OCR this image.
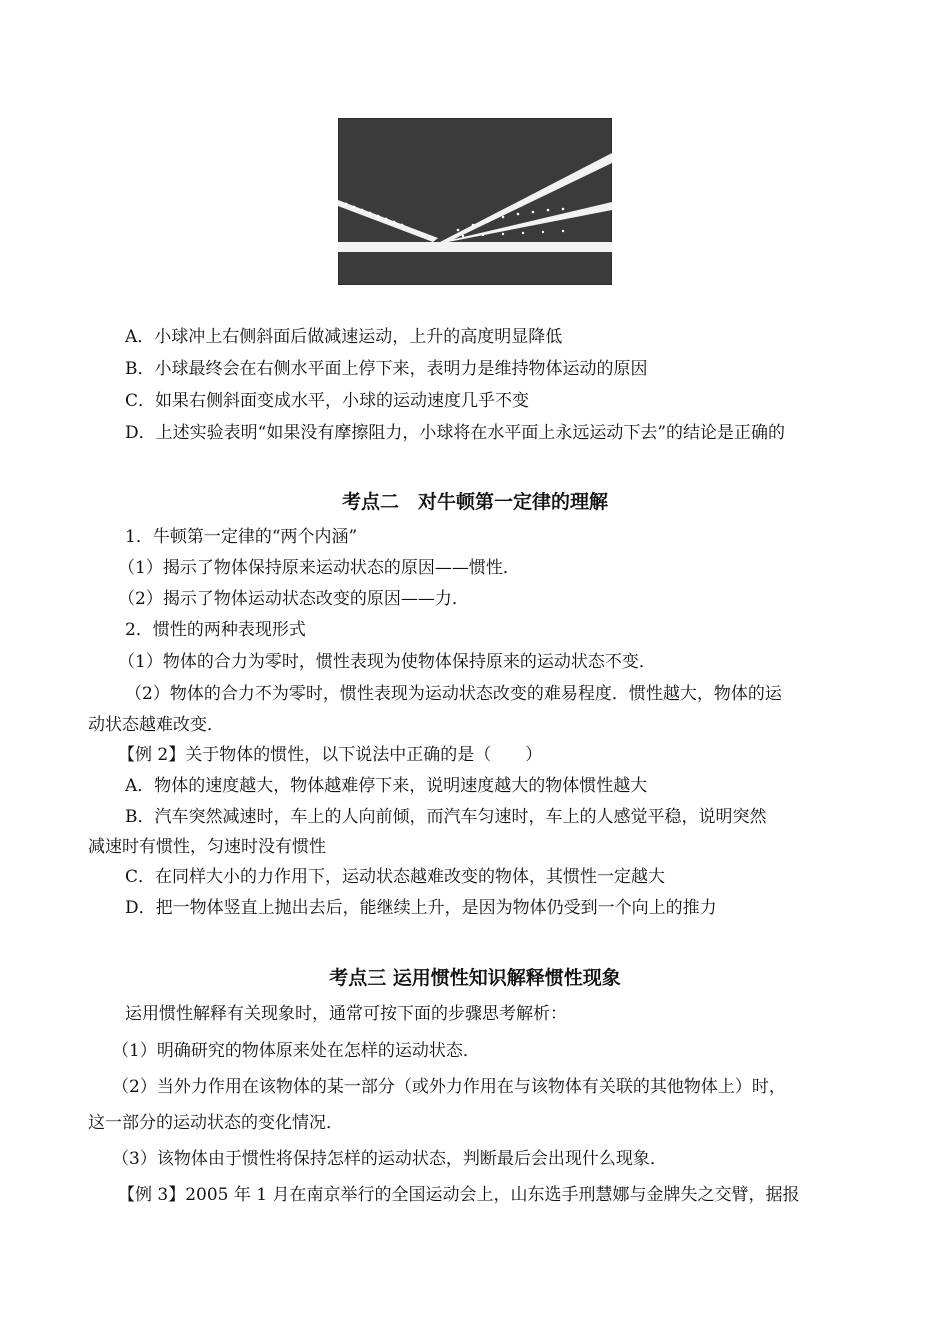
A．小球冲上右侧斜面后做减速运动，上升的高度明显降低
B．小球最终会在右侧水平面上停下来，表明力是维持物体运动的原因
C．如果右侧斜面变成水平，小球的运动速度几乎不变
D．上述实验表明“如果没有摩擦阻力，小球将在水平面上永远运动下去”的结论是正确的
考点二　对牛顿第一定律的理解
1．牛顿第一定律的“两个内涵”
（1）揭示了物体保持原来运动状态的原因——惯性．
（2）揭示了物体运动状态改变的原因——力．
2．惯性的两种表现形式
（1）物体的合力为零时，惯性表现为使物体保持原来的运动状态不变．
（2）物体的合力不为零时，惯性表现为运动状态改变的难易程度．惯性越大，物体的运
动状态越难改变．
【例 2】关于物体的惯性，以下说法中正确的是（　　）
A．物体的速度越大，物体越难停下来，说明速度越大的物体惯性越大
B．汽车突然减速时，车上的人向前倾，而汽车匀速时，车上的人感觉平稳，说明突然
减速时有惯性，匀速时没有惯性
C．在同样大小的力作用下，运动状态越难改变的物体，其惯性一定越大
D．把一物体竖直上抛出去后，能继续上升，是因为物体仍受到一个向上的推力
考点三 运用惯性知识解释惯性现象
运用惯性解释有关现象时，通常可按下面的步骤思考解析：
（1）明确研究的物体原来处在怎样的运动状态．
（2）当外力作用在该物体的某一部分（或外力作用在与该物体有关联的其他物体上）时，
这一部分的运动状态的变化情况．
（3）该物体由于惯性将保持怎样的运动状态，判断最后会出现什么现象．
【例 3】2005 年 1 月在南京举行的全国运动会上，山东选手刑慧娜与金牌失之交臂，据报
